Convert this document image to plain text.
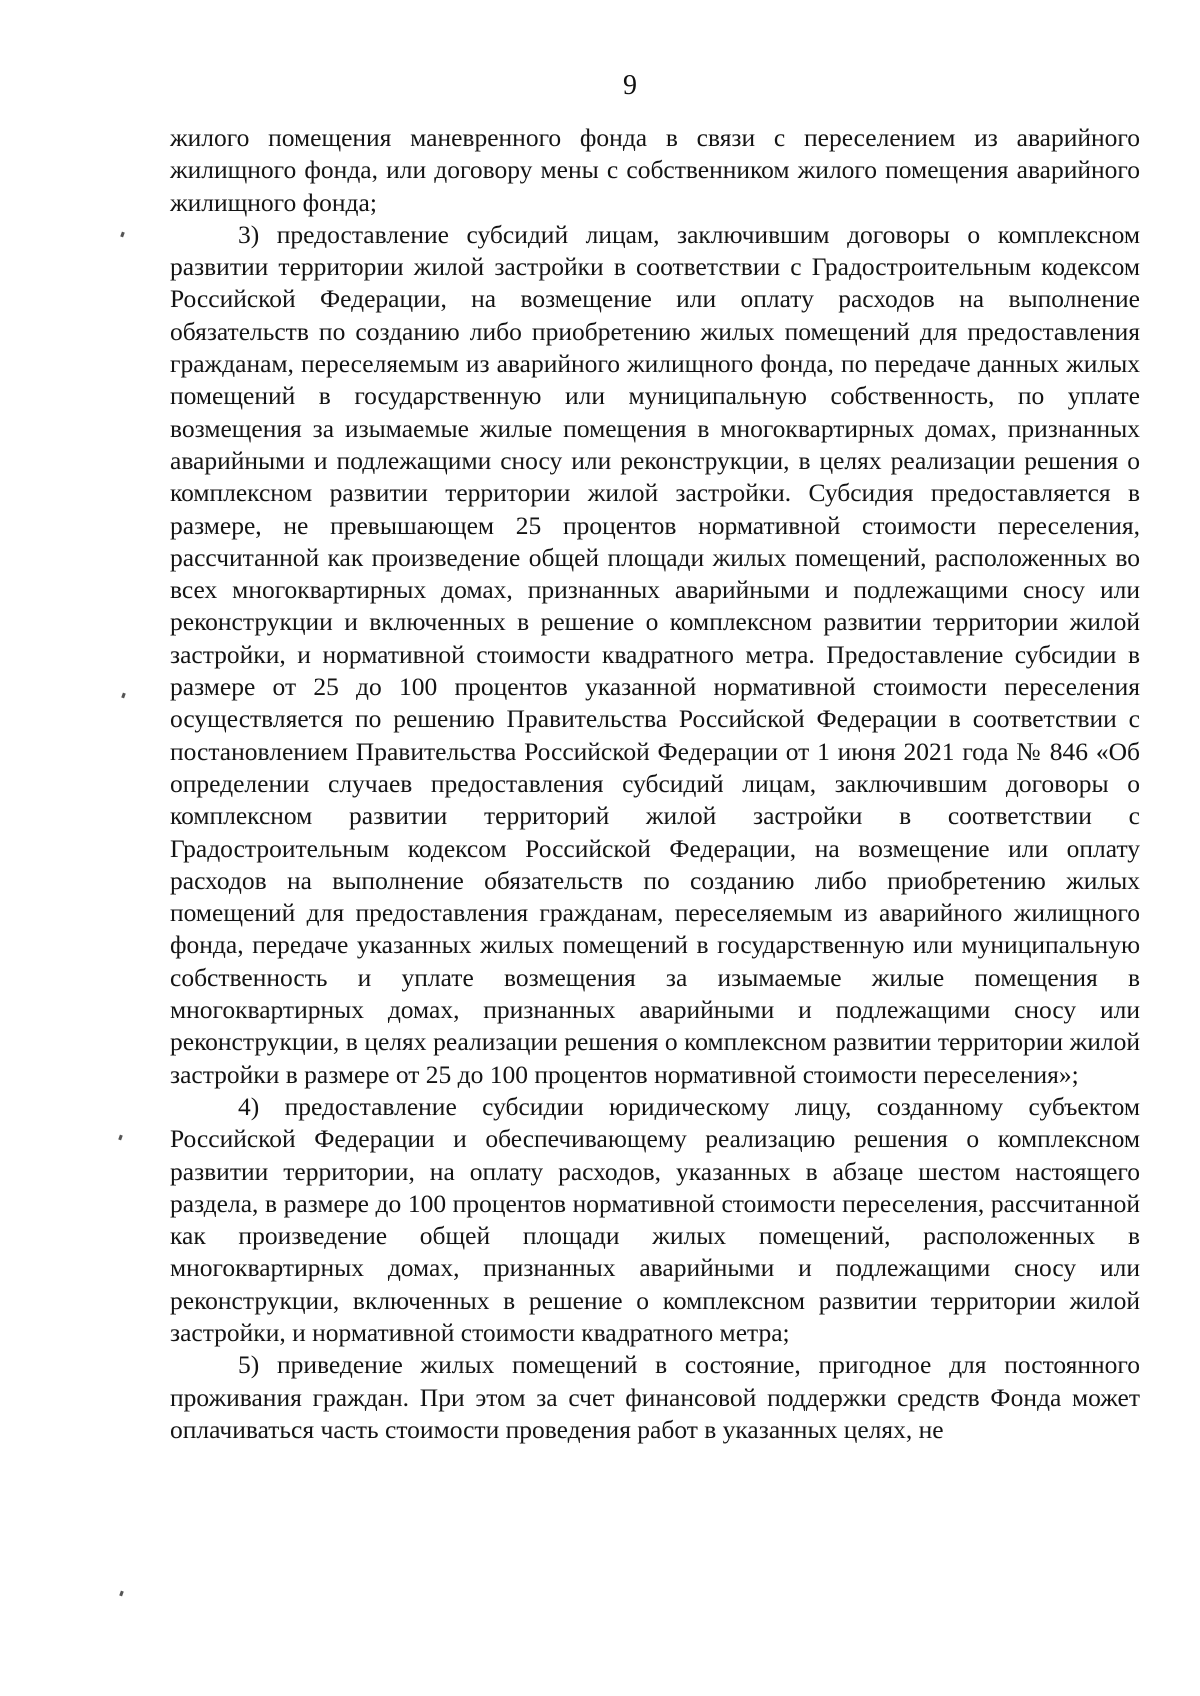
9

жилого помещения маневренного фонда в связи с переселением из аварийного жилищного фонда, или договору мены с собственником жилого помещения аварийного жилищного фонда;

3) предоставление субсидий лицам, заключившим договоры о комплексном развитии территории жилой застройки в соответствии с Градостроительным кодексом Российской Федерации, на возмещение или оплату расходов на выполнение обязательств по созданию либо приобретению жилых помещений для предоставления гражданам, переселяемым из аварийного жилищного фонда, по передаче данных жилых помещений в государственную или муниципальную собственность, по уплате возмещения за изымаемые жилые помещения в многоквартирных домах, признанных аварийными и подлежащими сносу или реконструкции, в целях реализации решения о комплексном развитии территории жилой застройки. Субсидия предоставляется в размере, не превышающем 25 процентов нормативной стоимости переселения, рассчитанной как произведение общей площади жилых помещений, расположенных во всех многоквартирных домах, признанных аварийными и подлежащими сносу или реконструкции и включенных в решение о комплексном развитии территории жилой застройки, и нормативной стоимости квадратного метра. Предоставление субсидии в размере от 25 до 100 процентов указанной нормативной стоимости переселения осуществляется по решению Правительства Российской Федерации в соответствии с постановлением Правительства Российской Федерации от 1 июня 2021 года № 846 «Об определении случаев предоставления субсидий лицам, заключившим договоры о комплексном развитии территорий жилой застройки в соответствии с Градостроительным кодексом Российской Федерации, на возмещение или оплату расходов на выполнение обязательств по созданию либо приобретению жилых помещений для предоставления гражданам, переселяемым из аварийного жилищного фонда, передаче указанных жилых помещений в государственную или муниципальную собственность и уплате возмещения за изымаемые жилые помещения в многоквартирных домах, признанных аварийными и подлежащими сносу или реконструкции, в целях реализации решения о комплексном развитии территории жилой застройки в размере от 25 до 100 процентов нормативной стоимости переселения»;

4) предоставление субсидии юридическому лицу, созданному субъектом Российской Федерации и обеспечивающему реализацию решения о комплексном развитии территории, на оплату расходов, указанных в абзаце шестом настоящего раздела, в размере до 100 процентов нормативной стоимости переселения, рассчитанной как произведение общей площади жилых помещений, расположенных в многоквартирных домах, признанных аварийными и подлежащими сносу или реконструкции, включенных в решение о комплексном развитии территории жилой застройки, и нормативной стоимости квадратного метра;

5) приведение жилых помещений в состояние, пригодное для постоянного проживания граждан. При этом за счет финансовой поддержки средств Фонда может оплачиваться часть стоимости проведения работ в указанных целях, не
